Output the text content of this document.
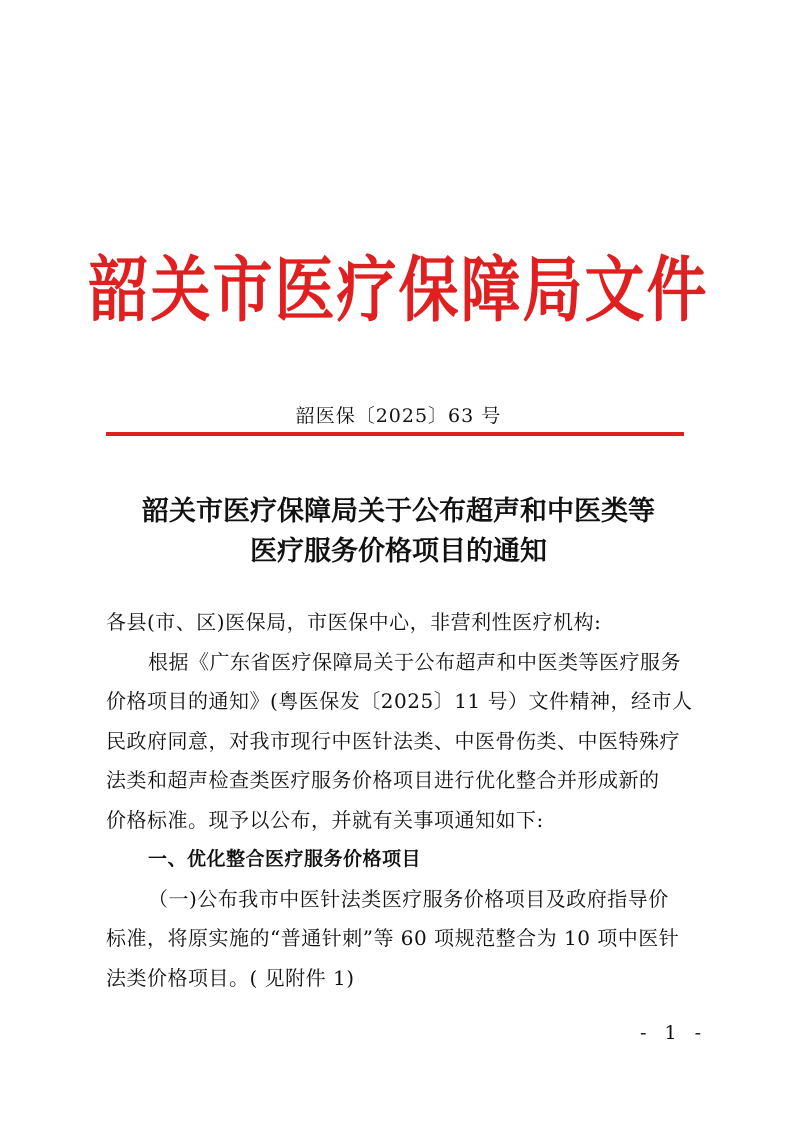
韶关市医疗保障局文件
韶医保〔2025〕63 号
韶关市医疗保障局关于公布超声和中医类等
医疗服务价格项目的通知
各县(市、区)医保局，市医保中心，非营利性医疗机构:
根据《广东省医疗保障局关于公布超声和中医类等医疗服务
价格项目的通知》(粤医保发〔2025〕11 号）文件精神，经市人
民政府同意，对我市现行中医针法类、中医骨伤类、中医特殊疗
法类和超声检查类医疗服务价格项目进行优化整合并形成新的
价格标准。现予以公布，并就有关事项通知如下:
一、优化整合医疗服务价格项目
（一)公布我市中医针法类医疗服务价格项目及政府指导价
标准，将原实施的“普通针刺”等 60 项规范整合为 10 项中医针
法类价格项目。( 见附件 1)
- 1 -
